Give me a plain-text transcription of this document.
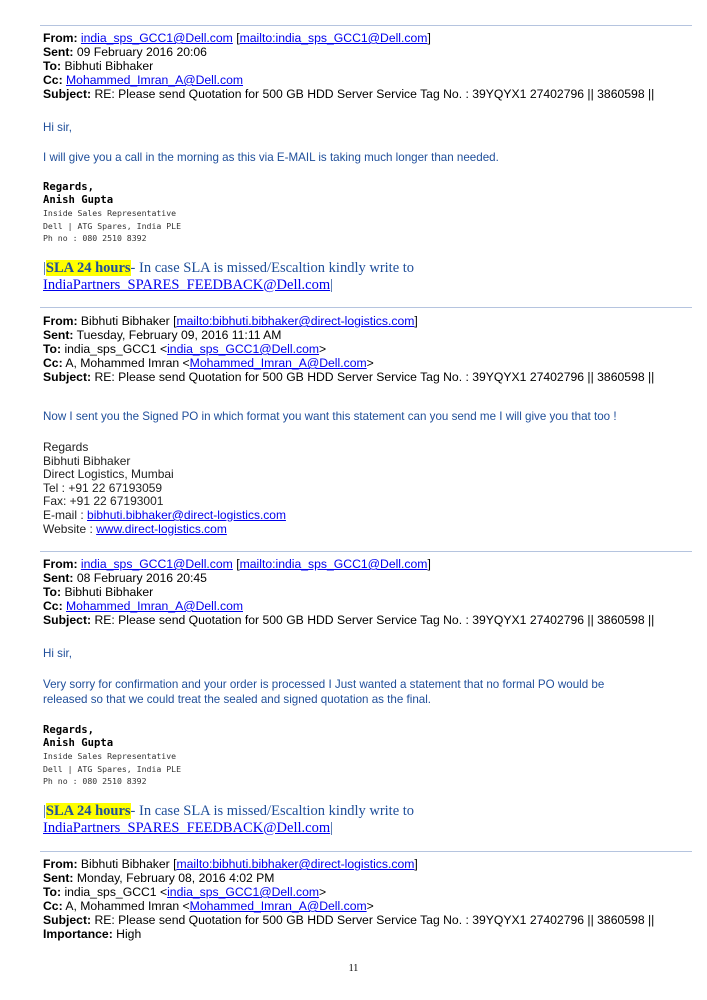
From: india_sps_GCC1@Dell.com [mailto:india_sps_GCC1@Dell.com]
Sent: 09 February 2016 20:06
To: Bibhuti Bibhaker
Cc: Mohammed_Imran_A@Dell.com
Subject: RE: Please send Quotation for 500 GB HDD Server Service Tag No. : 39YQYX1 27402796 || 3860598 ||
Hi sir,
I will give you a call in the morning as this via E-MAIL is taking much longer than needed.
Regards,
Anish Gupta
Inside Sales Representative
Dell | ATG Spares, India PLE
Ph no : 080 2510 8392
|SLA 24 hours- In case SLA is missed/Escaltion kindly write to
IndiaPartners_SPARES_FEEDBACK@Dell.com|
From: Bibhuti Bibhaker [mailto:bibhuti.bibhaker@direct-logistics.com]
Sent: Tuesday, February 09, 2016 11:11 AM
To: india_sps_GCC1 <india_sps_GCC1@Dell.com>
Cc: A, Mohammed Imran <Mohammed_Imran_A@Dell.com>
Subject: RE: Please send Quotation for 500 GB HDD Server Service Tag No. : 39YQYX1 27402796 || 3860598 ||
Now I sent you the Signed PO in which format you want this statement can you send me I will give you that too !
Regards
Bibhuti Bibhaker
Direct Logistics, Mumbai
Tel : +91 22 67193059
Fax: +91 22 67193001
E-mail : bibhuti.bibhaker@direct-logistics.com
Website : www.direct-logistics.com
From: india_sps_GCC1@Dell.com [mailto:india_sps_GCC1@Dell.com]
Sent: 08 February 2016 20:45
To: Bibhuti Bibhaker
Cc: Mohammed_Imran_A@Dell.com
Subject: RE: Please send Quotation for 500 GB HDD Server Service Tag No. : 39YQYX1 27402796 || 3860598 ||
Hi sir,
Very sorry for confirmation and your order is processed I Just wanted a statement that no formal PO would be
released so that we could treat the sealed and signed quotation as the final.
Regards,
Anish Gupta
Inside Sales Representative
Dell | ATG Spares, India PLE
Ph no : 080 2510 8392
|SLA 24 hours- In case SLA is missed/Escaltion kindly write to
IndiaPartners_SPARES_FEEDBACK@Dell.com|
From: Bibhuti Bibhaker [mailto:bibhuti.bibhaker@direct-logistics.com]
Sent: Monday, February 08, 2016 4:02 PM
To: india_sps_GCC1 <india_sps_GCC1@Dell.com>
Cc: A, Mohammed Imran <Mohammed_Imran_A@Dell.com>
Subject: RE: Please send Quotation for 500 GB HDD Server Service Tag No. : 39YQYX1 27402796 || 3860598 ||
Importance: High
11
